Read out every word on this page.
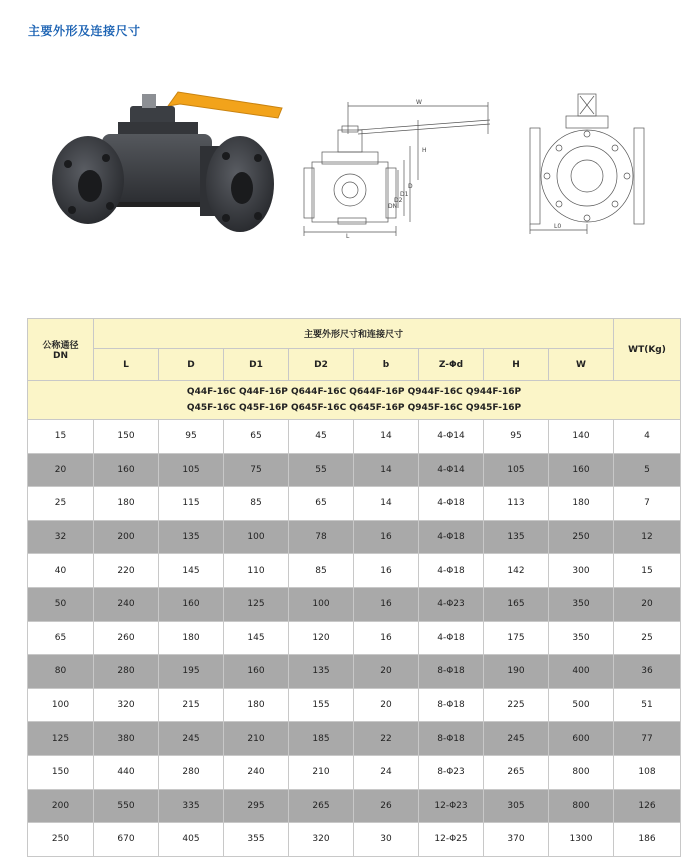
主要外形及连接尺寸
W
H
D
D1
D2
DN
L
L0
公称通径
DN	主要外形尺寸和连接尺寸								WT(Kg)
	L	D	D1	D2	b	Z-Φd	H	W	

Q44F-16C Q44F-16P Q644F-16C Q644F-16P Q944F-16C Q944F-16P
Q45F-16C Q45F-16P Q645F-16C Q645F-16P Q945F-16C Q945F-16P									

15	150	95	65	45	14	4-Φ14	95	140	4
20	160	105	75	55	14	4-Φ14	105	160	5
25	180	115	85	65	14	4-Φ18	113	180	7
32	200	135	100	78	16	4-Φ18	135	250	12
40	220	145	110	85	16	4-Φ18	142	300	15
50	240	160	125	100	16	4-Φ23	165	350	20
65	260	180	145	120	16	4-Φ18	175	350	25
80	280	195	160	135	20	8-Φ18	190	400	36
100	320	215	180	155	20	8-Φ18	225	500	51
125	380	245	210	185	22	8-Φ18	245	600	77
150	440	280	240	210	24	8-Φ23	265	800	108
200	550	335	295	265	26	12-Φ23	305	800	126
250	670	405	355	320	30	12-Φ25	370	1300	186
